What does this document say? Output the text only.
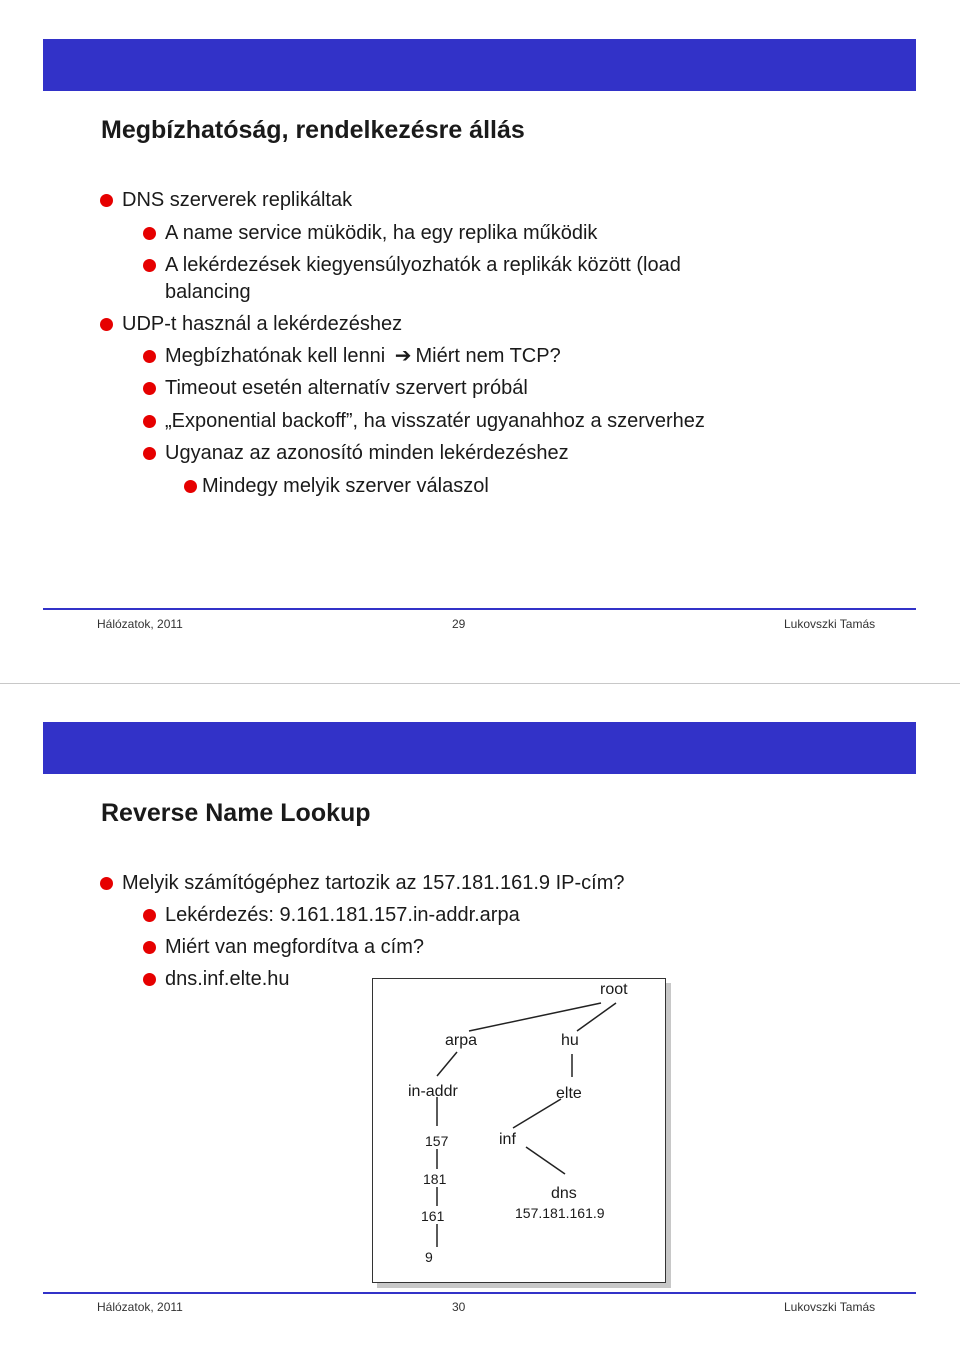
Megbízhatóság, rendelkezésre állás
DNS szerverek replikáltak
A name service müködik, ha egy replika működik
A lekérdezések kiegyensúlyozhatók a replikák között (load
balancing
UDP-t használ a lekérdezéshez
Megbízhatónak kell lenni ➔ Miért nem TCP?
Timeout esetén alternatív szervert próbál
„Exponential backoff”, ha visszatér ugyanahhoz a szerverhez
Ugyanaz az azonosító minden lekérdezéshez
Mindegy melyik szerver válaszol
Hálózatok, 2011	29	Lukovszki Tamás
Reverse Name Lookup
Melyik számítógéphez tartozik az 157.181.161.9 IP-cím?
Lekérdezés: 9.161.181.157.in-addr.arpa
Miért van megfordítva a cím?
dns.inf.elte.hu	root
arpa	hu
in-addr	elte
157	inf
181
dns
157.181.161.9
161
9
Hálózatok, 2011	30	Lukovszki Tamás
